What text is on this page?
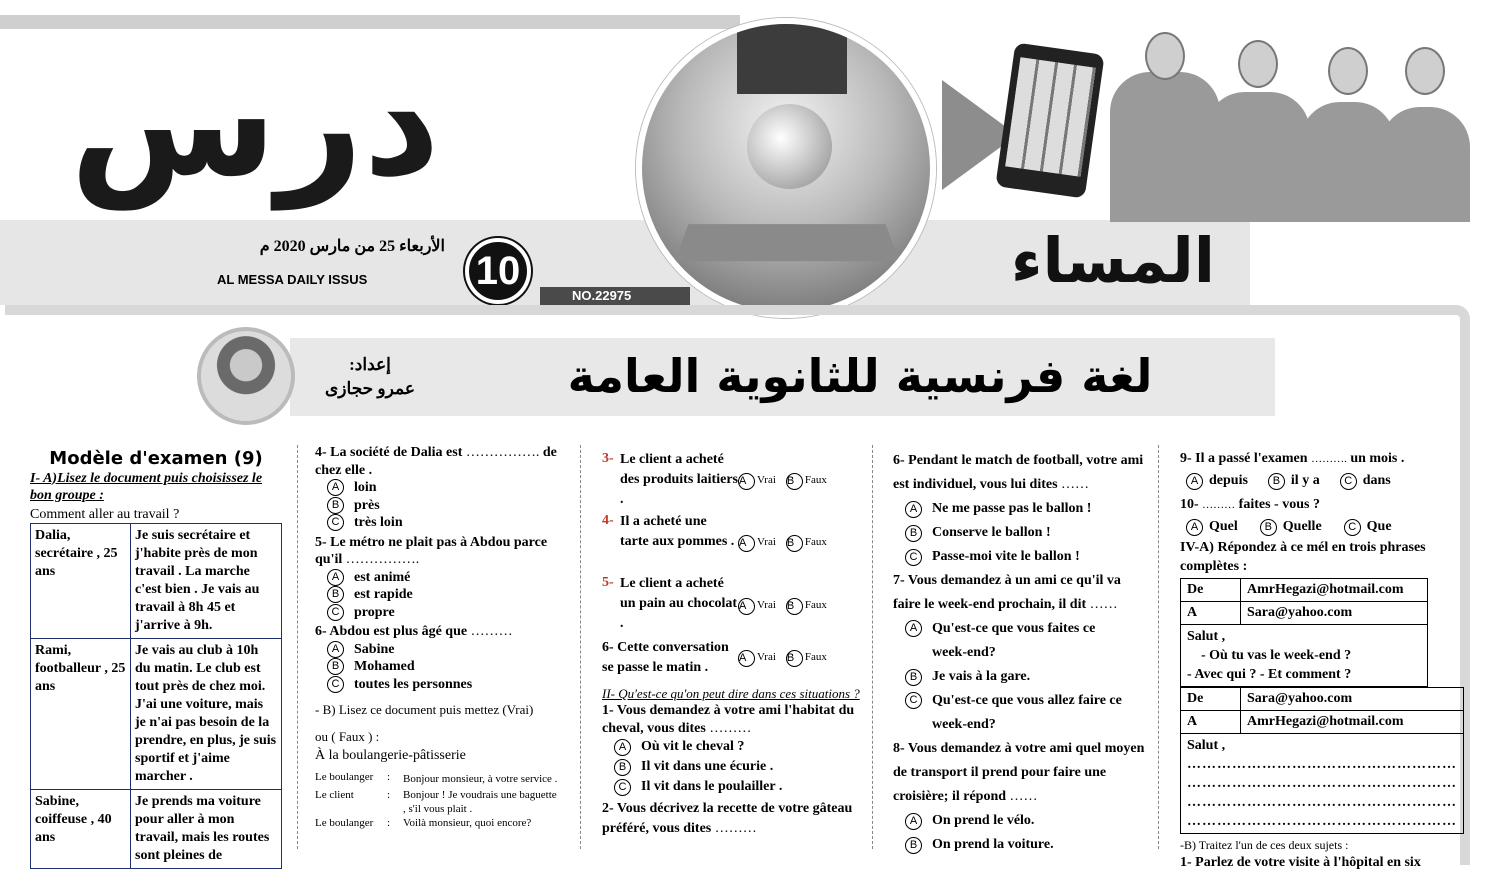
درس
الأربعاء 25 من مارس 2020 م
AL MESSA DAILY ISSUS	10
NO.22975	المساء
لغة فرنسية للثانوية العامة
إعداد:
عمرو حجازى
Modèle d'examen (9)
I- A)Lisez le document puis choisissez le bon groupe :
Comment aller au travail ?
Dalia, secrétaire , 25 ans	Je suis secrétaire et j'habite près de mon travail . La marche c'est bien . Je vais au travail à 8h 45 et j'arrive à 9h.
Rami, footballeur , 25 ans	Je vais au club à 10h du matin. Le club est tout près de chez moi. J'ai une voiture, mais je n'ai pas besoin de la prendre, en plus, je suis sportif et j'aime marcher .
Sabine, coiffeuse , 40 ans	Je prends ma voiture pour aller à mon travail, mais les routes sont pleines de
4- La société de Dalia est ……………. de chez elle .
A	loin
B	près
C	très loin
5- Le métro ne plait pas à Abdou parce qu'il …………….
A	est animé
B	est rapide
C	propre
6- Abdou est plus âgé que ………
A	Sabine
B	Mohamed
C	toutes les personnes
- B) Lisez ce document puis mettez (Vrai)
ou ( Faux ) :
À la boulangerie-pâtisserie
Le boulanger	:	Bonjour monsieur, à votre service .
Le client	:	Bonjour ! Je voudrais une baguette , s'il vous plait .
Le boulanger	:	Voilà monsieur, quoi encore?
3- Le client a acheté des produits laitiers .
A Vrai B Faux
4- Il a acheté une tarte aux pommes . A Vrai B Faux
5- Le client a acheté un pain au chocolat .
A Vrai B Faux
6- Cette conversation se passe le matin .
A Vrai B Faux
II- Qu'est-ce qu'on peut dire dans ces situations ?
1- Vous demandez à votre ami l'habitat du cheval, vous dites ………
A	Où vit le cheval ?
B	Il vit dans une écurie .
C	Il vit dans le poulailler .
2- Vous décrivez la recette de votre gâteau préféré, vous dites ………
6- Pendant le match de football, votre ami est individuel, vous lui dites ……
A	Ne me passe pas le ballon !
B	Conserve le ballon !
C	Passe-moi vite le ballon !
7- Vous demandez à un ami ce qu'il va faire le week-end prochain, il dit ……
A	Qu'est-ce que vous faites ce week-end?
B	Je vais à la gare.
C	Qu'est-ce que vous allez faire ce week-end?
8- Vous demandez à votre ami quel moyen de transport il prend pour faire une croisière; il répond ……
A	On prend le vélo.
B	On prend la voiture.
9- Il a passé l'examen ………. un mois .
A depuis	B il y a	C dans
10- ……… faites - vous ?
A Quel	B Quelle	C Que
IV-A) Répondez à ce mél en trois phrases complètes :
De	AmrHegazi@hotmail.com
A	Sara@yahoo.com

Salut ,
- Où tu vas le week-end ?
- Avec qui ? - Et comment ?	
De	Sara@yahoo.com
A	AmrHegazi@hotmail.com

Salut ,
………………………………………………
………………………………………………
………………………………………………
………………………………………………	
-B) Traitez l'un de ces deux sujets :
1- Parlez de votre visite à l'hôpital en six
